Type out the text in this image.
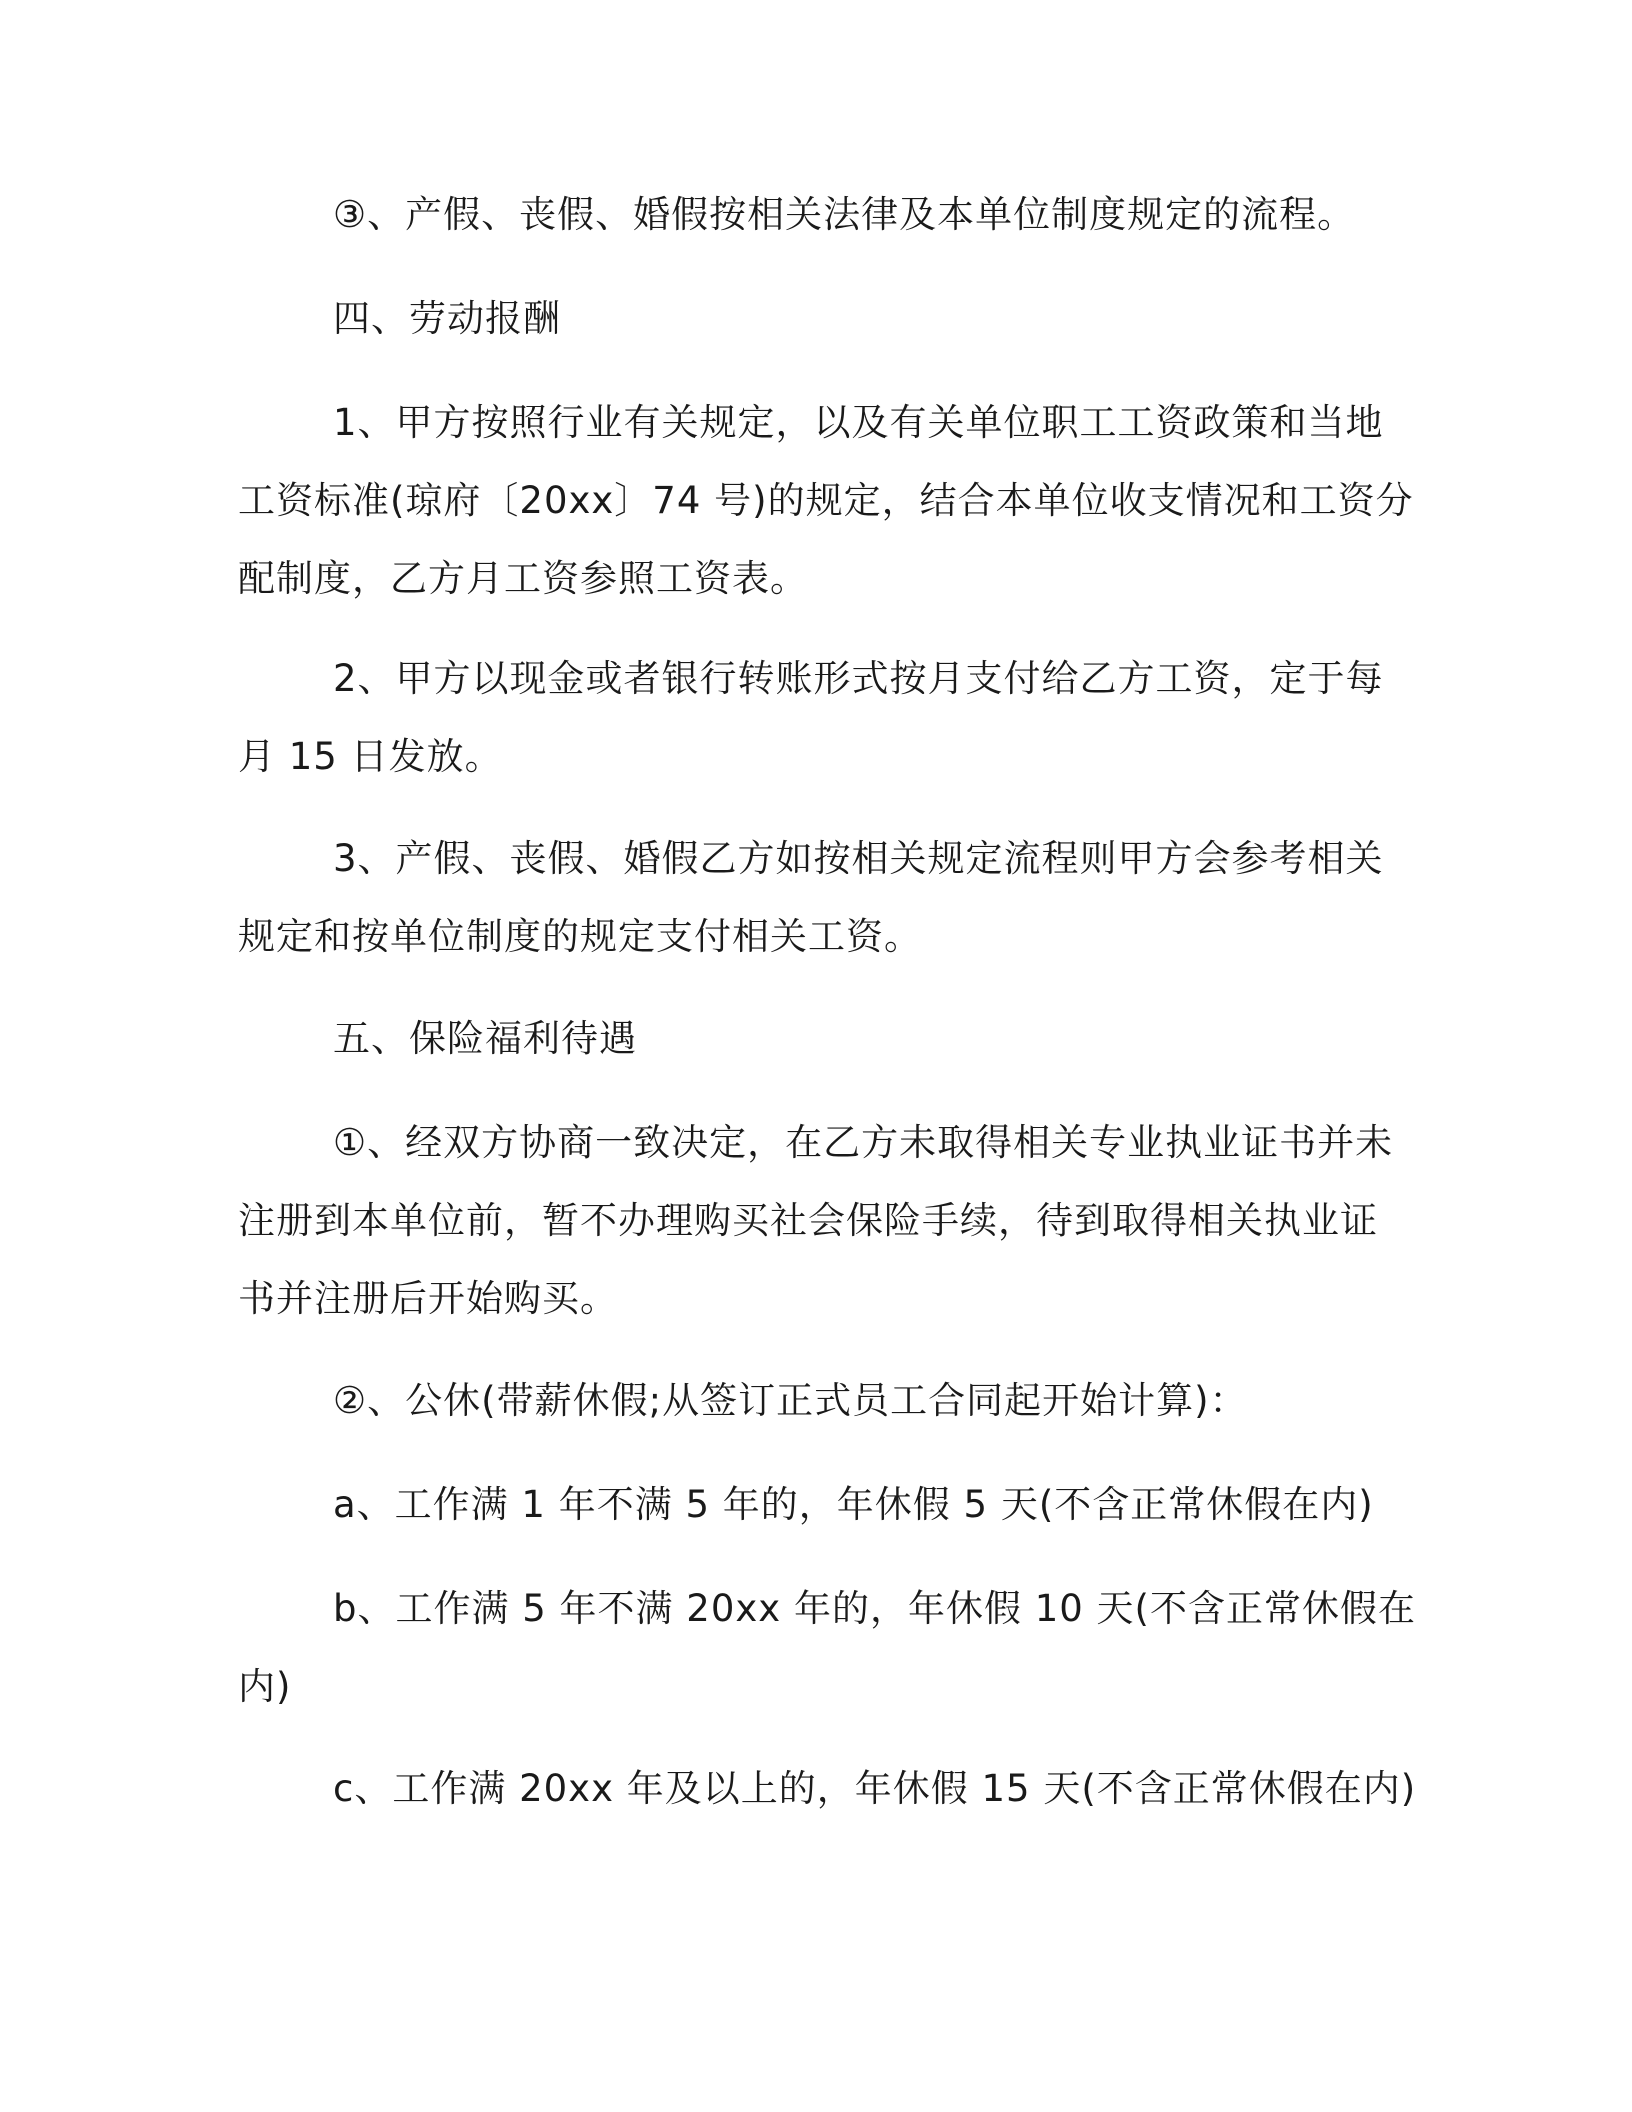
③、产假、丧假、婚假按相关法律及本单位制度规定的流程。
四、劳动报酬
1、甲方按照行业有关规定，以及有关单位职工工资政策和当地
工资标准(琼府〔20xx〕74 号)的规定，结合本单位收支情况和工资分
配制度，乙方月工资参照工资表。
2、甲方以现金或者银行转账形式按月支付给乙方工资，定于每
月 15 日发放。
3、产假、丧假、婚假乙方如按相关规定流程则甲方会参考相关
规定和按单位制度的规定支付相关工资。
五、保险福利待遇
①、经双方协商一致决定，在乙方未取得相关专业执业证书并未
注册到本单位前，暂不办理购买社会保险手续，待到取得相关执业证
书并注册后开始购买。
②、公休(带薪休假;从签订正式员工合同起开始计算)：
a、工作满 1 年不满 5 年的，年休假 5 天(不含正常休假在内)
b、工作满 5 年不满 20xx 年的，年休假 10 天(不含正常休假在
内)
c、工作满 20xx 年及以上的，年休假 15 天(不含正常休假在内)
